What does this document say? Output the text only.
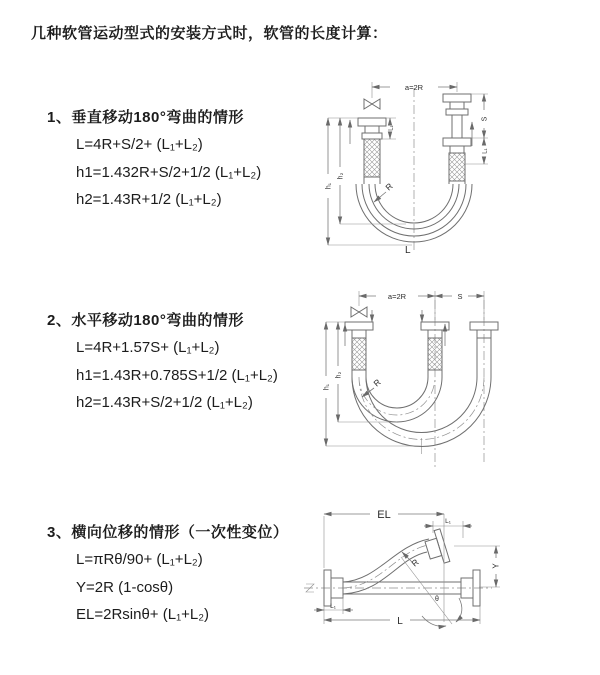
几种软管运动型式的安装方式时，软管的长度计算：
1、垂直移动180°弯曲的情形
L=4R+S/2+ (L₁+L₂)
h1=1.432R+S/2+1/2 (L₁+L₂)
h2=1.43R+1/2 (L₁+L₂)
2、水平移动180°弯曲的情形
L=4R+1.57S+ (L₁+L₂)
h1=1.43R+0.785S+1/2 (L₁+L₂)
h2=1.43R+S/2+1/2 (L₁+L₂)
3、横向位移的情形（一次性变位）
L=πRθ/90+ (L₁+L₂)
Y=2R (1-cosθ)
EL=2Rsinθ+ (L₁+L₂)
a=2R
h₁
h₂
L₁
S
L₁
R
L
a=2R	S
h₁
h₂
R
EL
L₁
Y
θ
R
L
L₁
